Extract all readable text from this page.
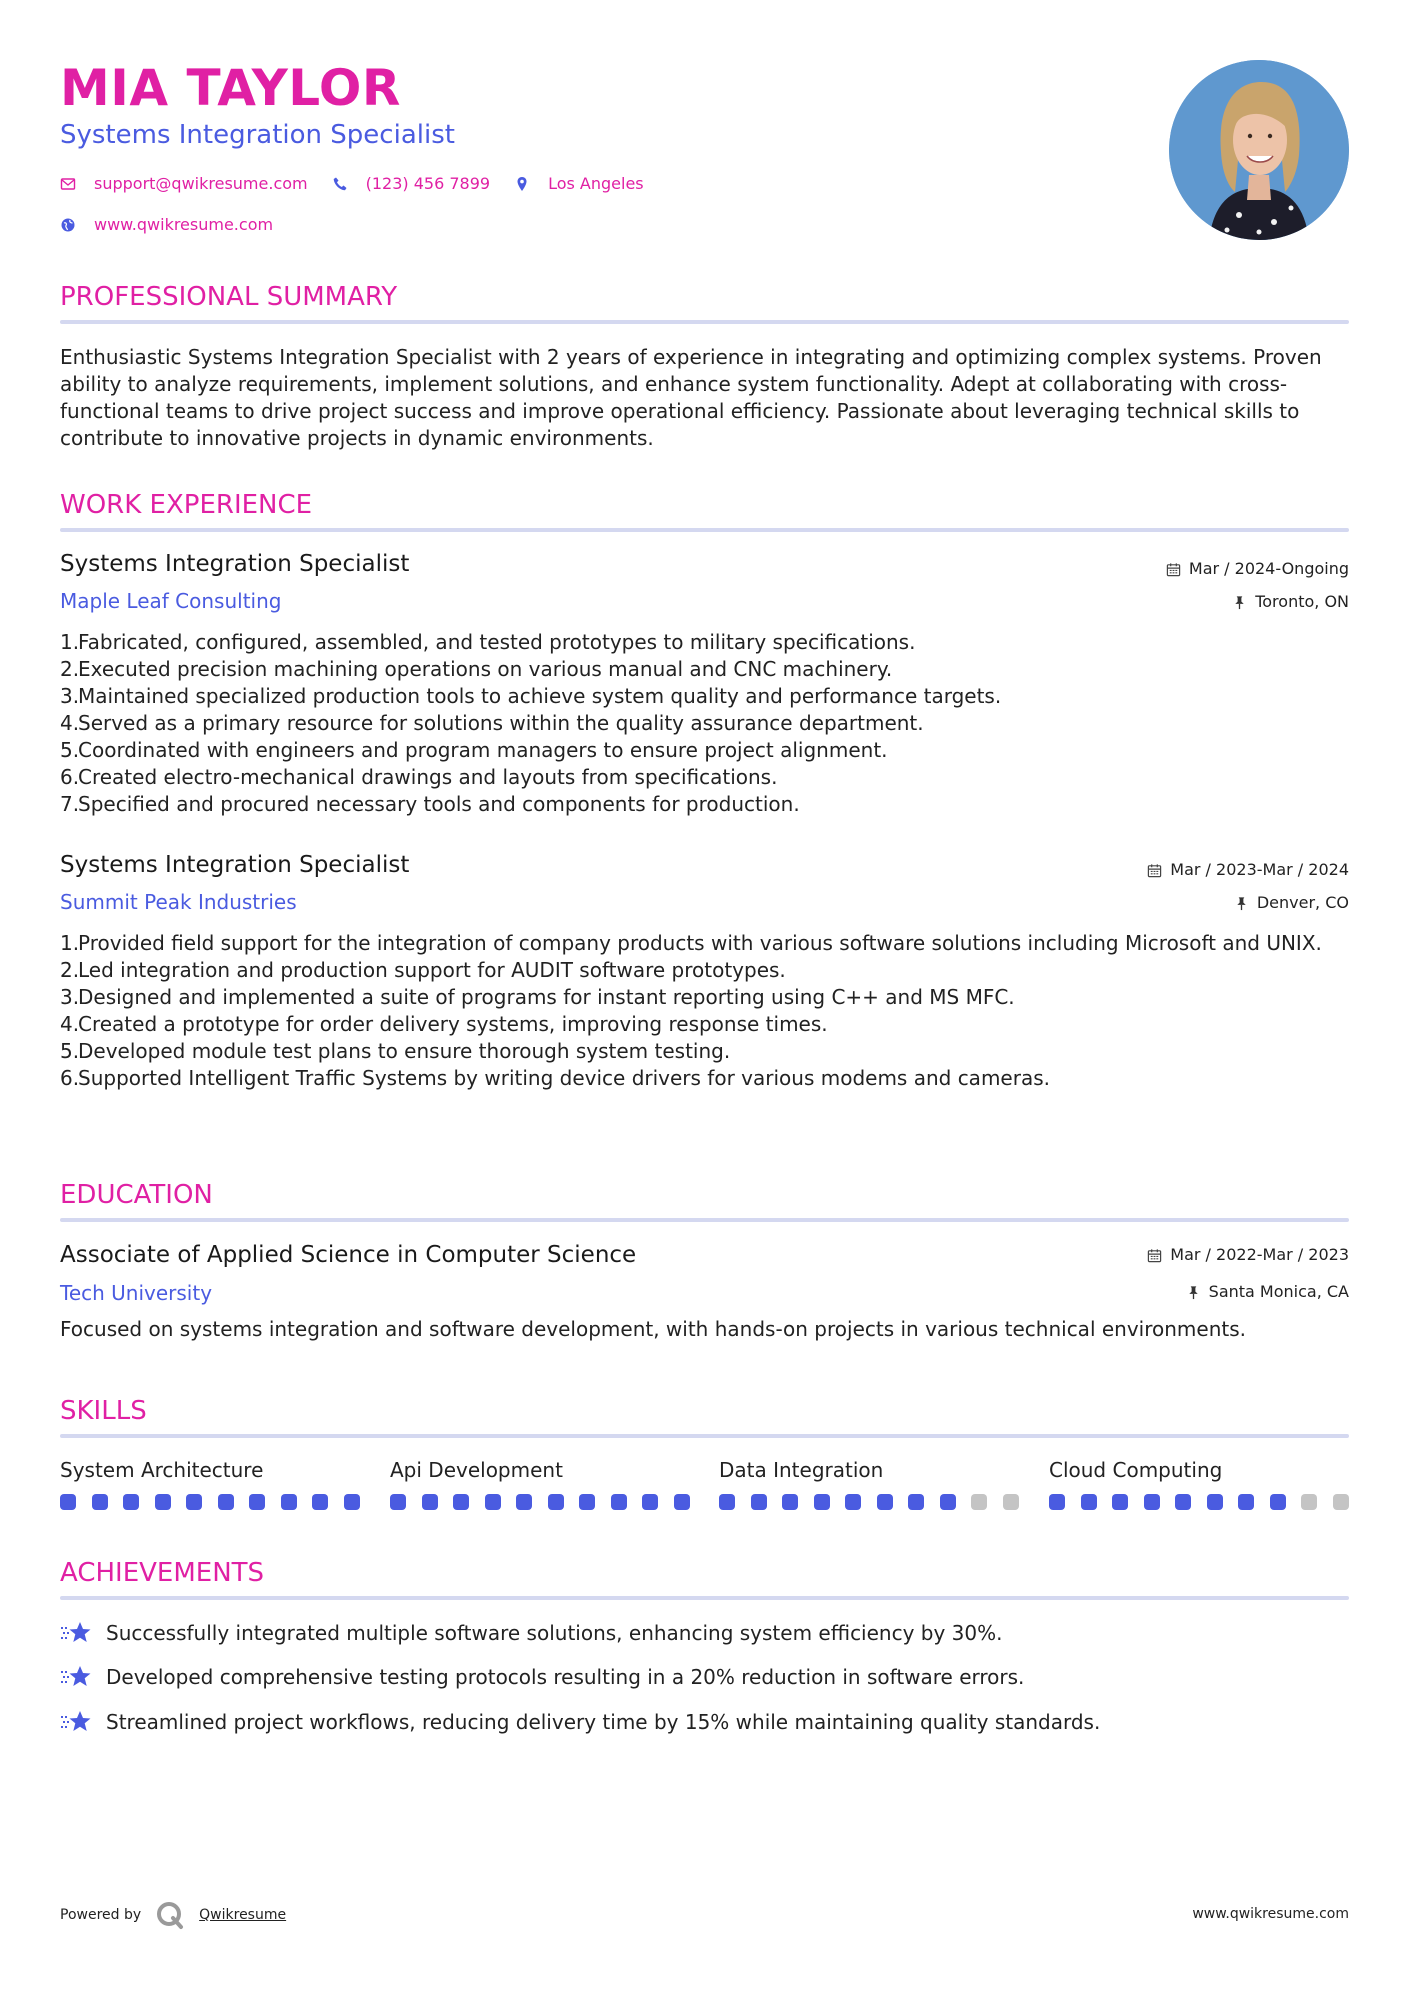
MIA TAYLOR
Systems Integration Specialist
support@qwikresume.com	(123) 456 7899	Los Angeles
www.qwikresume.com
PROFESSIONAL SUMMARY
Enthusiastic Systems Integration Specialist with 2 years of experience in integrating and optimizing complex systems. Proven ability to analyze requirements, implement solutions, and enhance system functionality. Adept at collaborating with cross-functional teams to drive project success and improve operational efficiency. Passionate about leveraging technical skills to contribute to innovative projects in dynamic environments.
WORK EXPERIENCE
Systems Integration Specialist	Mar / 2024-Ongoing
Maple Leaf Consulting	Toronto, ON
1.
Fabricated, configured, assembled, and tested prototypes to military specifications.
2.
Executed precision machining operations on various manual and CNC machinery.
3.
Maintained specialized production tools to achieve system quality and performance targets.
4.
Served as a primary resource for solutions within the quality assurance department.
5.
Coordinated with engineers and program managers to ensure project alignment.
6.
Created electro-mechanical drawings and layouts from specifications.
7.
Specified and procured necessary tools and components for production.
Systems Integration Specialist	Mar / 2023-Mar / 2024
Summit Peak Industries	Denver, CO
1.
Provided field support for the integration of company products with various software solutions including Microsoft and UNIX.
2.
Led integration and production support for AUDIT software prototypes.
3.
Designed and implemented a suite of programs for instant reporting using C++ and MS MFC.
4.
Created a prototype for order delivery systems, improving response times.
5.
Developed module test plans to ensure thorough system testing.
6.
Supported Intelligent Traffic Systems by writing device drivers for various modems and cameras.
EDUCATION
Associate of Applied Science in Computer Science	Mar / 2022-Mar / 2023
Tech University	Santa Monica, CA
Focused on systems integration and software development, with hands-on projects in various technical environments.
SKILLS
System Architecture	Api Development	Data Integration	Cloud Computing
ACHIEVEMENTS
Successfully integrated multiple software solutions, enhancing system efficiency by 30%.
Developed comprehensive testing protocols resulting in a 20% reduction in software errors.
Streamlined project workflows, reducing delivery time by 15% while maintaining quality standards.
Powered by	Qwikresume	www.qwikresume.com
